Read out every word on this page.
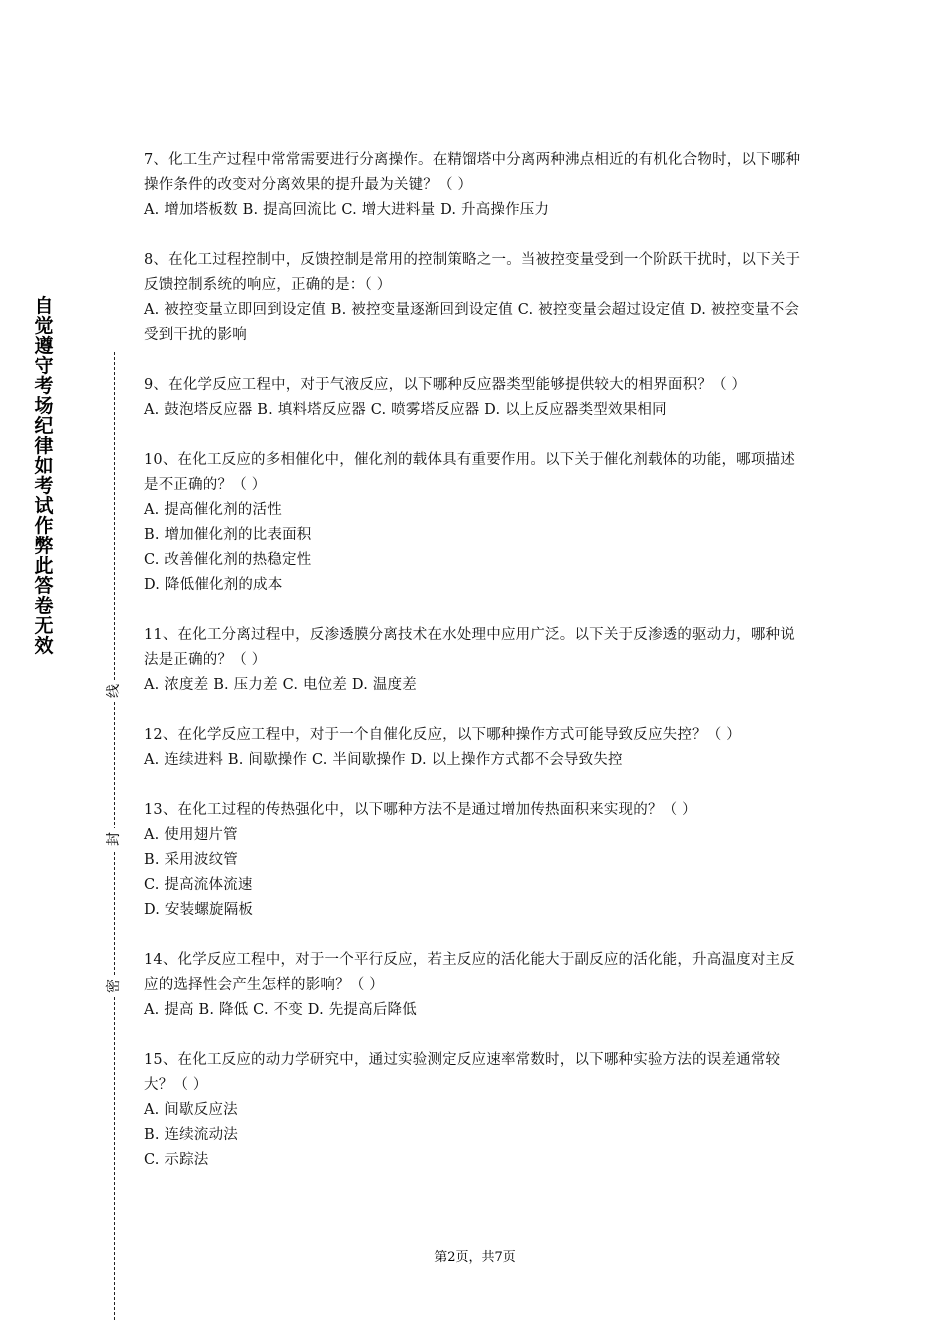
自觉遵守考场纪律如考试作弊此答卷无效
线
封
密

7、化工生产过程中常常需要进行分离操作。在精馏塔中分离两种沸点相近的有机化合物时，以下哪种操作条件的改变对分离效果的提升最为关键？（ ）

A. 增加塔板数 B. 提高回流比 C. 增大进料量 D. 升高操作压力

8、在化工过程控制中，反馈控制是常用的控制策略之一。当被控变量受到一个阶跃干扰时，以下关于反馈控制系统的响应，正确的是：（ ）

A. 被控变量立即回到设定值 B. 被控变量逐渐回到设定值 C. 被控变量会超过设定值 D. 被控变量不会受到干扰的影响

9、在化学反应工程中，对于气液反应，以下哪种反应器类型能够提供较大的相界面积？（ ）

A. 鼓泡塔反应器 B. 填料塔反应器 C. 喷雾塔反应器 D. 以上反应器类型效果相同

10、在化工反应的多相催化中，催化剂的载体具有重要作用。以下关于催化剂载体的功能，哪项描述是不正确的？（ ）

A. 提高催化剂的活性

B. 增加催化剂的比表面积

C. 改善催化剂的热稳定性

D. 降低催化剂的成本

11、在化工分离过程中，反渗透膜分离技术在水处理中应用广泛。以下关于反渗透的驱动力，哪种说法是正确的？（ ）

A. 浓度差 B. 压力差 C. 电位差 D. 温度差

12、在化学反应工程中，对于一个自催化反应，以下哪种操作方式可能导致反应失控？（ ）

A. 连续进料 B. 间歇操作 C. 半间歇操作 D. 以上操作方式都不会导致失控

13、在化工过程的传热强化中，以下哪种方法不是通过增加传热面积来实现的？（ ）

A. 使用翅片管

B. 采用波纹管

C. 提高流体流速

D. 安装螺旋隔板

14、化学反应工程中，对于一个平行反应，若主反应的活化能大于副反应的活化能，升高温度对主反应的选择性会产生怎样的影响？（ ）

A. 提高 B. 降低 C. 不变 D. 先提高后降低

15、在化工反应的动力学研究中，通过实验测定反应速率常数时，以下哪种实验方法的误差通常较大？（ ）

A. 间歇反应法

B. 连续流动法

C. 示踪法

第2页，共7页
